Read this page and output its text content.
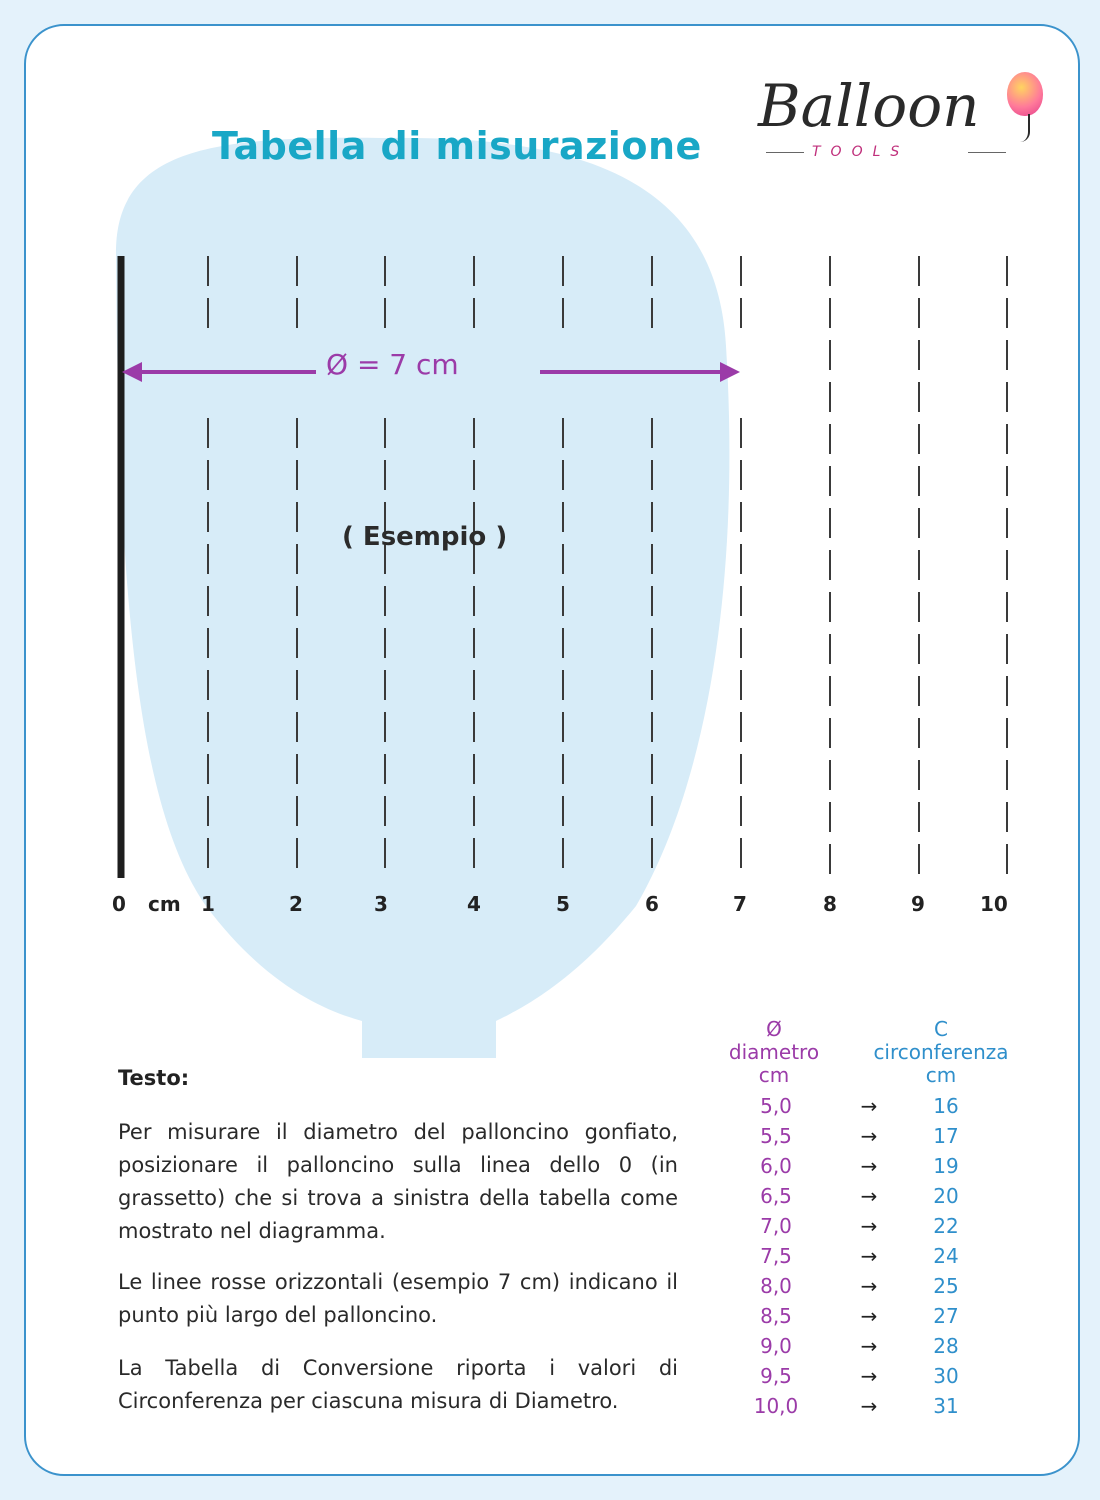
Tabella di misurazione
Balloon
TOOLS
Ø = 7 cm
( Esempio )
0 cm 1	2	3	4	5	6	7	8	9	10
Testo:

Per misurare il diametro del palloncino gonfiato, posizionare il palloncino sulla linea dello 0 (in grassetto) che si trova a sinistra della tabella come mostrato nel diagramma.

Le linee rosse orizzontali (esempio 7 cm) indicano il punto più largo del palloncino.

La Tabella di Conversione riporta i valori di Circonferenza per ciascuna misura di Diametro.

Ø
diametro
cm
C
circonferenza
cm
5,0	→	16
5,5	→	17
6,0	→	19
6,5	→	20
7,0	→	22
7,5	→	24
8,0	→	25
8,5	→	27
9,0	→	28
9,5	→	30
10,0	→	31
